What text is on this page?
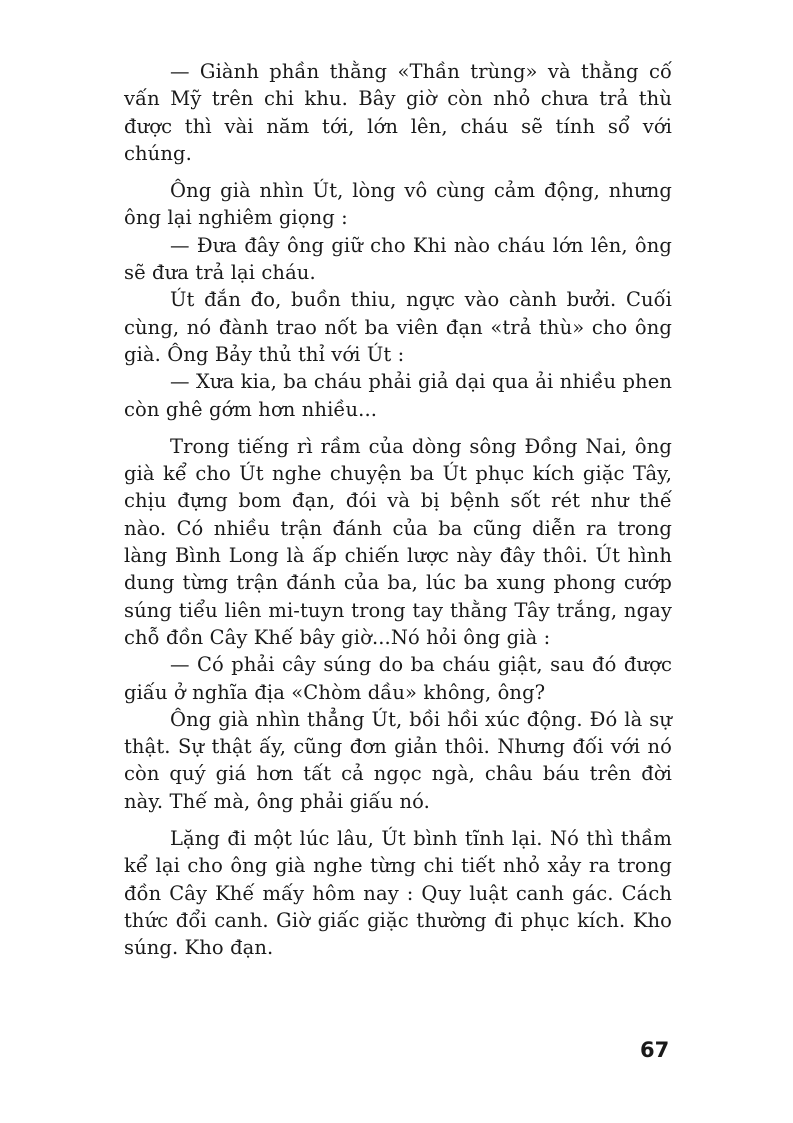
— Giành phần thằng «Thần trùng» và thằng cố vấn Mỹ trên chi khu. Bây giờ còn nhỏ chưa trả thù được thì vài năm tới, lớn lên, cháu sẽ tính sổ với chúng.

Ông già nhìn Út, lòng vô cùng cảm động, nhưng ông lại nghiêm giọng :

— Đưa đây ông giữ cho Khi nào cháu lớn lên, ông sẽ đưa trả lại cháu.

Út đắn đo, buồn thiu, ngực vào cành bưởi. Cuối cùng, nó đành trao nốt ba viên đạn «trả thù» cho ông già. Ông Bảy thủ thỉ với Út :

— Xưa kia, ba cháu phải giả dại qua ải nhiều phen còn ghê gớm hơn nhiều...

Trong tiếng rì rầm của dòng sông Đồng Nai, ông già kể cho Út nghe chuyện ba Út phục kích giặc Tây, chịu đựng bom đạn, đói và bị bệnh sốt rét như thế nào. Có nhiều trận đánh của ba cũng diễn ra trong làng Bình Long là ấp chiến lược này đây thôi. Út hình dung từng trận đánh của ba, lúc ba xung phong cướp súng tiểu liên mi-tuyn trong tay thằng Tây trắng, ngay chỗ đồn Cây Khế bây giờ...Nó hỏi ông già :

— Có phải cây súng do ba cháu giật, sau đó được giấu ở nghĩa địa «Chòm dầu» không, ông?

Ông già nhìn thẳng Út, bồi hồi xúc động. Đó là sự thật. Sự thật ấy, cũng đơn giản thôi. Nhưng đối với nó còn quý giá hơn tất cả ngọc ngà, châu báu trên đời này. Thế mà, ông phải giấu nó.

Lặng đi một lúc lâu, Út bình tĩnh lại. Nó thì thầm kể lại cho ông già nghe từng chi tiết nhỏ xảy ra trong đồn Cây Khế mấy hôm nay : Quy luật canh gác. Cách thức đổi canh. Giờ giấc giặc thường đi phục kích. Kho súng. Kho đạn.

67
